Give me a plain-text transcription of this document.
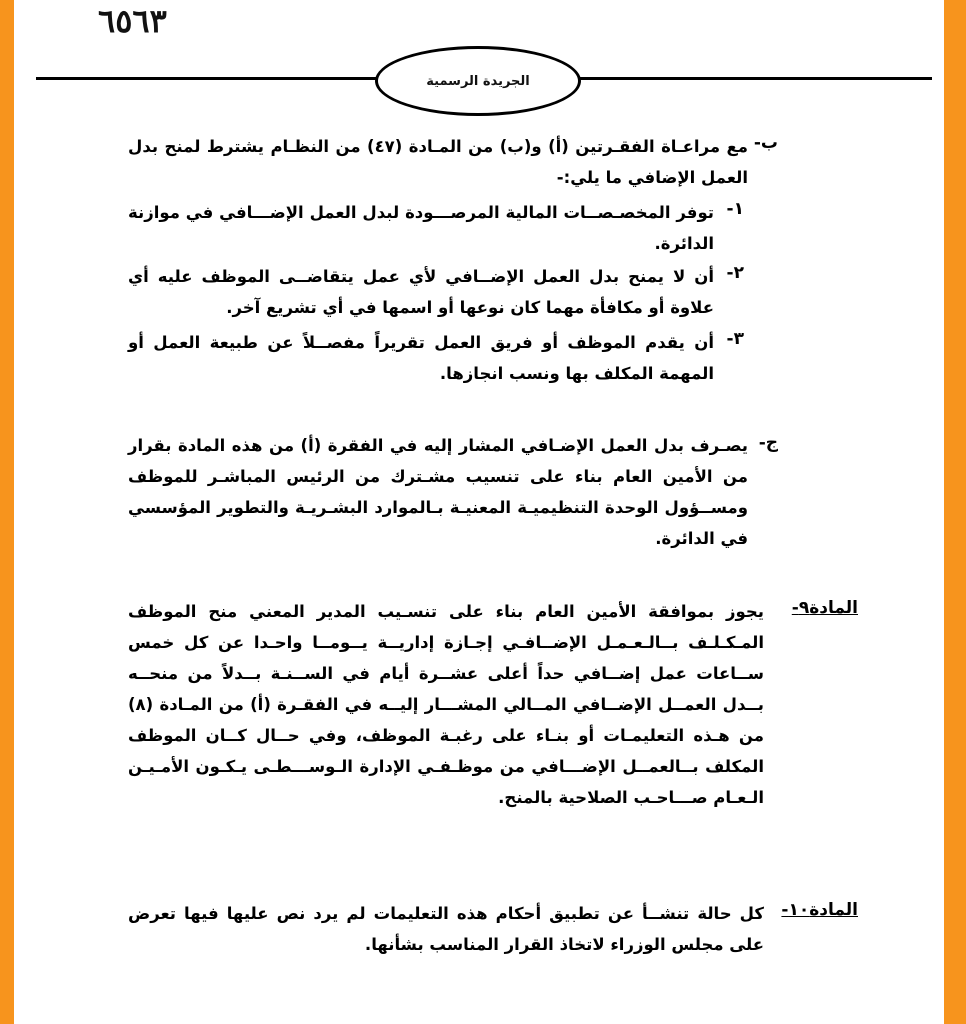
٦٥٦٣
الجريدة الرسمية
ب-
مع مراعـاة الفقـرتين (أ) و(ب) من المـادة (٤٧) من النظـام يشترط لمنح بدل العمل الإضافي ما يلي:-
١-
توفر المخصـصــات المالية المرصـــودة لبدل العمل الإضـــافي في موازنة الدائرة.
٢-
أن لا يمنح بدل العمل الإضــافي لأي عمل يتقاضــى الموظف عليه أي علاوة أو مكافأة مهما كان نوعها أو اسمها في أي تشريع آخر.
٣-
أن يقدم الموظف أو فريق العمل تقريراً مفصــلاً عن طبيعة العمل أو المهمة المكلف بها ونسب انجازها.
ج-
يصـرف بدل العمل الإضـافي المشار إليه في الفقرة (أ) من هذه المادة بقرار من الأمين العام بناء على تنسيب مشـترك من الرئيس المباشـر للموظف ومســؤول الوحدة التنظيميـة المعنيـة بـالموارد البشـريـة والتطوير المؤسسي في الدائرة.
المادة٩-
يجوز بموافقة الأمين العام بناء على تنسـيب المدير المعني منح الموظف المـكـلـف بــالـعـمـل الإضــافـي إجـازة إداريــة يــومــا واحـدا عن كل خمس ســاعات عمل إضــافي حداً أعلى عشــرة أيام في الســنـة بــدلاً من منحــه بــدل العمــل الإضــافي المــالي المشـــار إليــه في الفقـرة (أ) من المـادة (٨) من هـذه التعليمـات أو بنـاء على رغبـة الموظف، وفي حــال كــان الموظف المكلف بــالعمــل الإضـــافي من موظـفـي الإدارة الـوســـطـى يـكـون الأمـيـن الـعـام صـــاحـب الصلاحية بالمنح.
المادة١٠-
كل حالة تنشــأ عن تطبيق أحكام هذه التعليمات لم يرد نص عليها فيها تعرض على مجلس الوزراء لاتخاذ القرار المناسب بشأنها.
